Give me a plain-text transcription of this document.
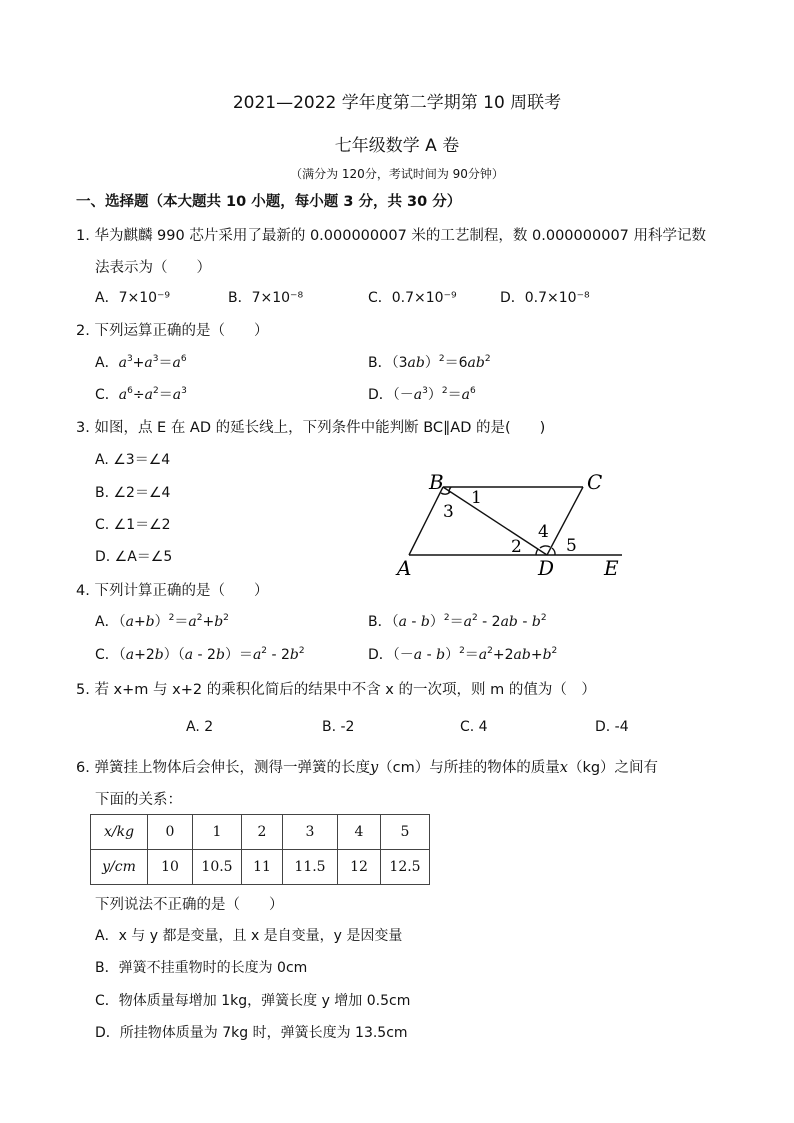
2021—2022 学年度第二学期第 10 周联考
七年级数学 A 卷
（满分为 120分，考试时间为 90分钟）
一、选择题（本大题共 10 小题，每小题 3 分，共 30 分）
1. 华为麒麟 990 芯片采用了最新的 0.000000007 米的工艺制程，数 0.000000007 用科学记数
法表示为（　　）
A．7×10⁻⁹	B．7×10⁻⁸	C．0.7×10⁻⁹	D．0.7×10⁻⁸
2. 下列运算正确的是（　　）
A．$a^3+a^3=a^6$	B．$(3ab)^2=6ab^2$
C．$a^6\div a^2=a^3$	D．$(-a^3)^2=a^6$
3. 如图，点 E 在 AD 的延长线上，下列条件中能判断 BC∥AD 的是(　　)
A. ∠3＝∠4
B. ∠2＝∠4
C. ∠1＝∠2
D. ∠A＝∠5
B	C
A	D E
1
3
2
4
5
4. 下列计算正确的是（　　）
A．$(a+b)^2=a^2+b^2$	B．$(a - b)^2=a^2 - 2ab - b^2$
C．$(a+2b)(a - 2b)=a^2 - 2b^2$	D．$(-a - b)^2=a^2+2ab+b^2$
5. 若 x+m 与 x+2 的乘积化简后的结果中不含 x 的一次项，则 m 的值为（　）
A. 2	B. -2	C. 4	D. -4
6. 弹簧挂上物体后会伸长，测得一弹簧的长度y（cm）与所挂的物体的质量x（kg）之间有
下面的关系：
x/kg	0	1	2	3	4	5
y/cm	10	10.5	11	11.5	12	12.5
下列说法不正确的是（　　）
A．x 与 y 都是变量，且 x 是自变量，y 是因变量
B．弹簧不挂重物时的长度为 0cm
C．物体质量每增加 1kg，弹簧长度 y 增加 0.5cm
D．所挂物体质量为 7kg 时，弹簧长度为 13.5cm
